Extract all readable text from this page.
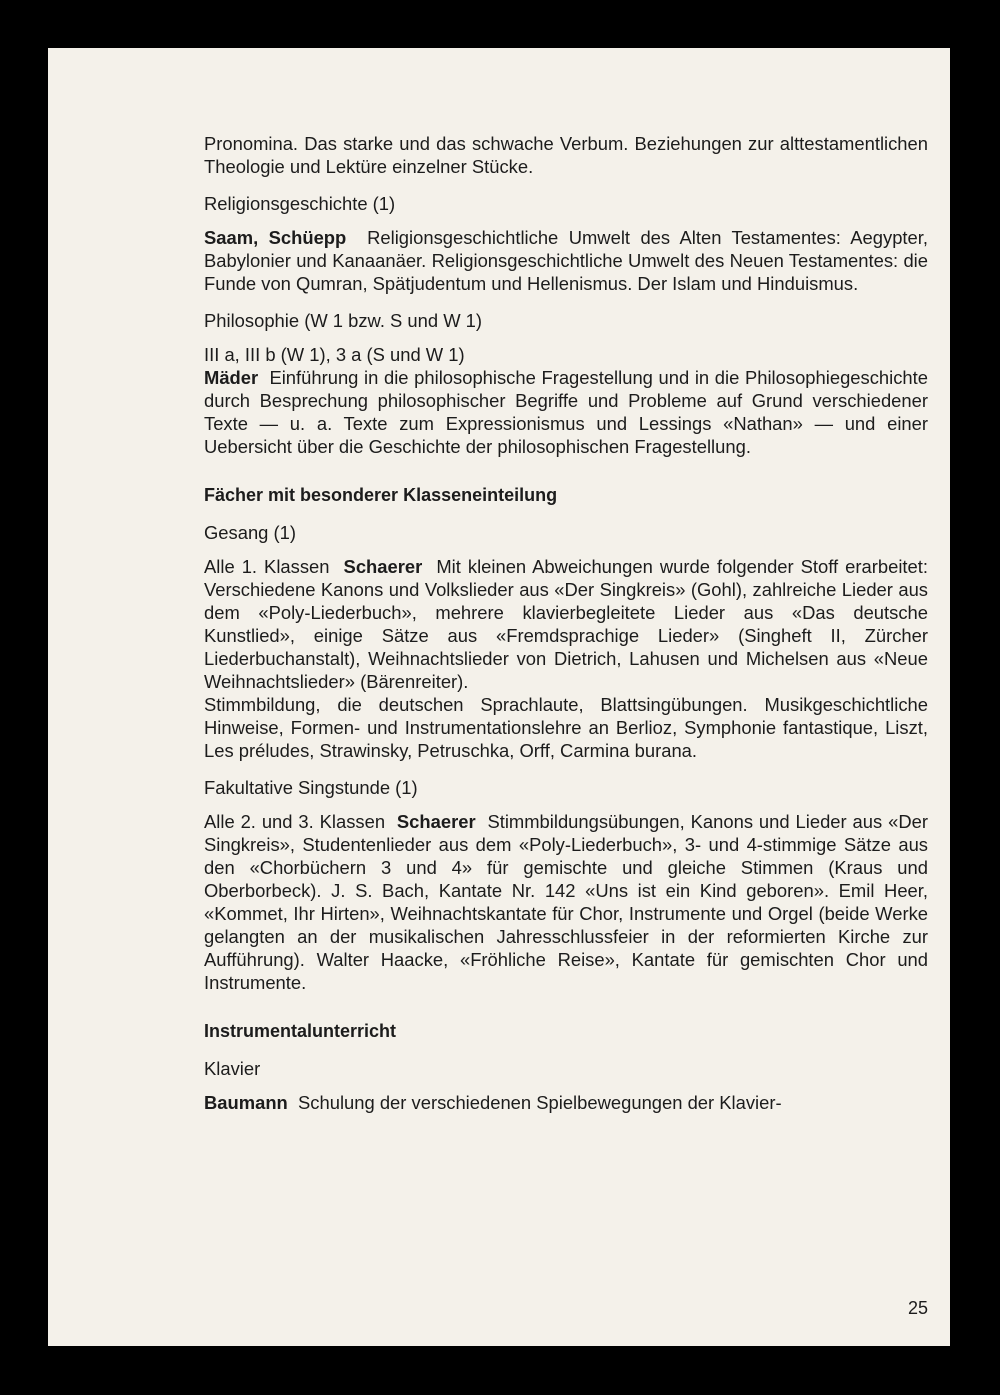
Pronomina. Das starke und das schwache Verbum. Beziehungen zur alttestamentlichen Theologie und Lektüre einzelner Stücke.

Religionsgeschichte (1)

Saam, Schüepp Religionsgeschichtliche Umwelt des Alten Testamentes: Aegypter, Babylonier und Kanaanäer. Religionsgeschichtliche Umwelt des Neuen Testamentes: die Funde von Qumran, Spätjudentum und Hellenismus. Der Islam und Hinduismus.

Philosophie (W 1 bzw. S und W 1)

III a, III b (W 1), 3 a (S und W 1)

Mäder Einführung in die philosophische Fragestellung und in die Philosophiegeschichte durch Besprechung philosophischer Begriffe und Probleme auf Grund verschiedener Texte — u. a. Texte zum Expressionismus und Lessings «Nathan» — und einer Uebersicht über die Geschichte der philosophischen Fragestellung.

Fächer mit besonderer Klasseneinteilung

Gesang (1)

Alle 1. Klassen Schaerer Mit kleinen Abweichungen wurde folgender Stoff erarbeitet: Verschiedene Kanons und Volkslieder aus «Der Singkreis» (Gohl), zahlreiche Lieder aus dem «Poly-Liederbuch», mehrere klavierbegleitete Lieder aus «Das deutsche Kunstlied», einige Sätze aus «Fremdsprachige Lieder» (Singheft II, Zürcher Liederbuchanstalt), Weihnachtslieder von Dietrich, Lahusen und Michelsen aus «Neue Weihnachtslieder» (Bärenreiter).

Stimmbildung, die deutschen Sprachlaute, Blattsingübungen. Musikgeschichtliche Hinweise, Formen- und Instrumentationslehre an Berlioz, Symphonie fantastique, Liszt, Les préludes, Strawinsky, Petruschka, Orff, Carmina burana.

Fakultative Singstunde (1)

Alle 2. und 3. Klassen Schaerer Stimmbildungsübungen, Kanons und Lieder aus «Der Singkreis», Studentenlieder aus dem «Poly-Liederbuch», 3- und 4-stimmige Sätze aus den «Chorbüchern 3 und 4» für gemischte und gleiche Stimmen (Kraus und Oberborbeck). J. S. Bach, Kantate Nr. 142 «Uns ist ein Kind geboren». Emil Heer, «Kommet, Ihr Hirten», Weihnachtskantate für Chor, Instrumente und Orgel (beide Werke gelangten an der musikalischen Jahresschlussfeier in der reformierten Kirche zur Aufführung). Walter Haacke, «Fröhliche Reise», Kantate für gemischten Chor und Instrumente.

Instrumentalunterricht

Klavier

Baumann Schulung der verschiedenen Spielbewegungen der Klavier-

25
